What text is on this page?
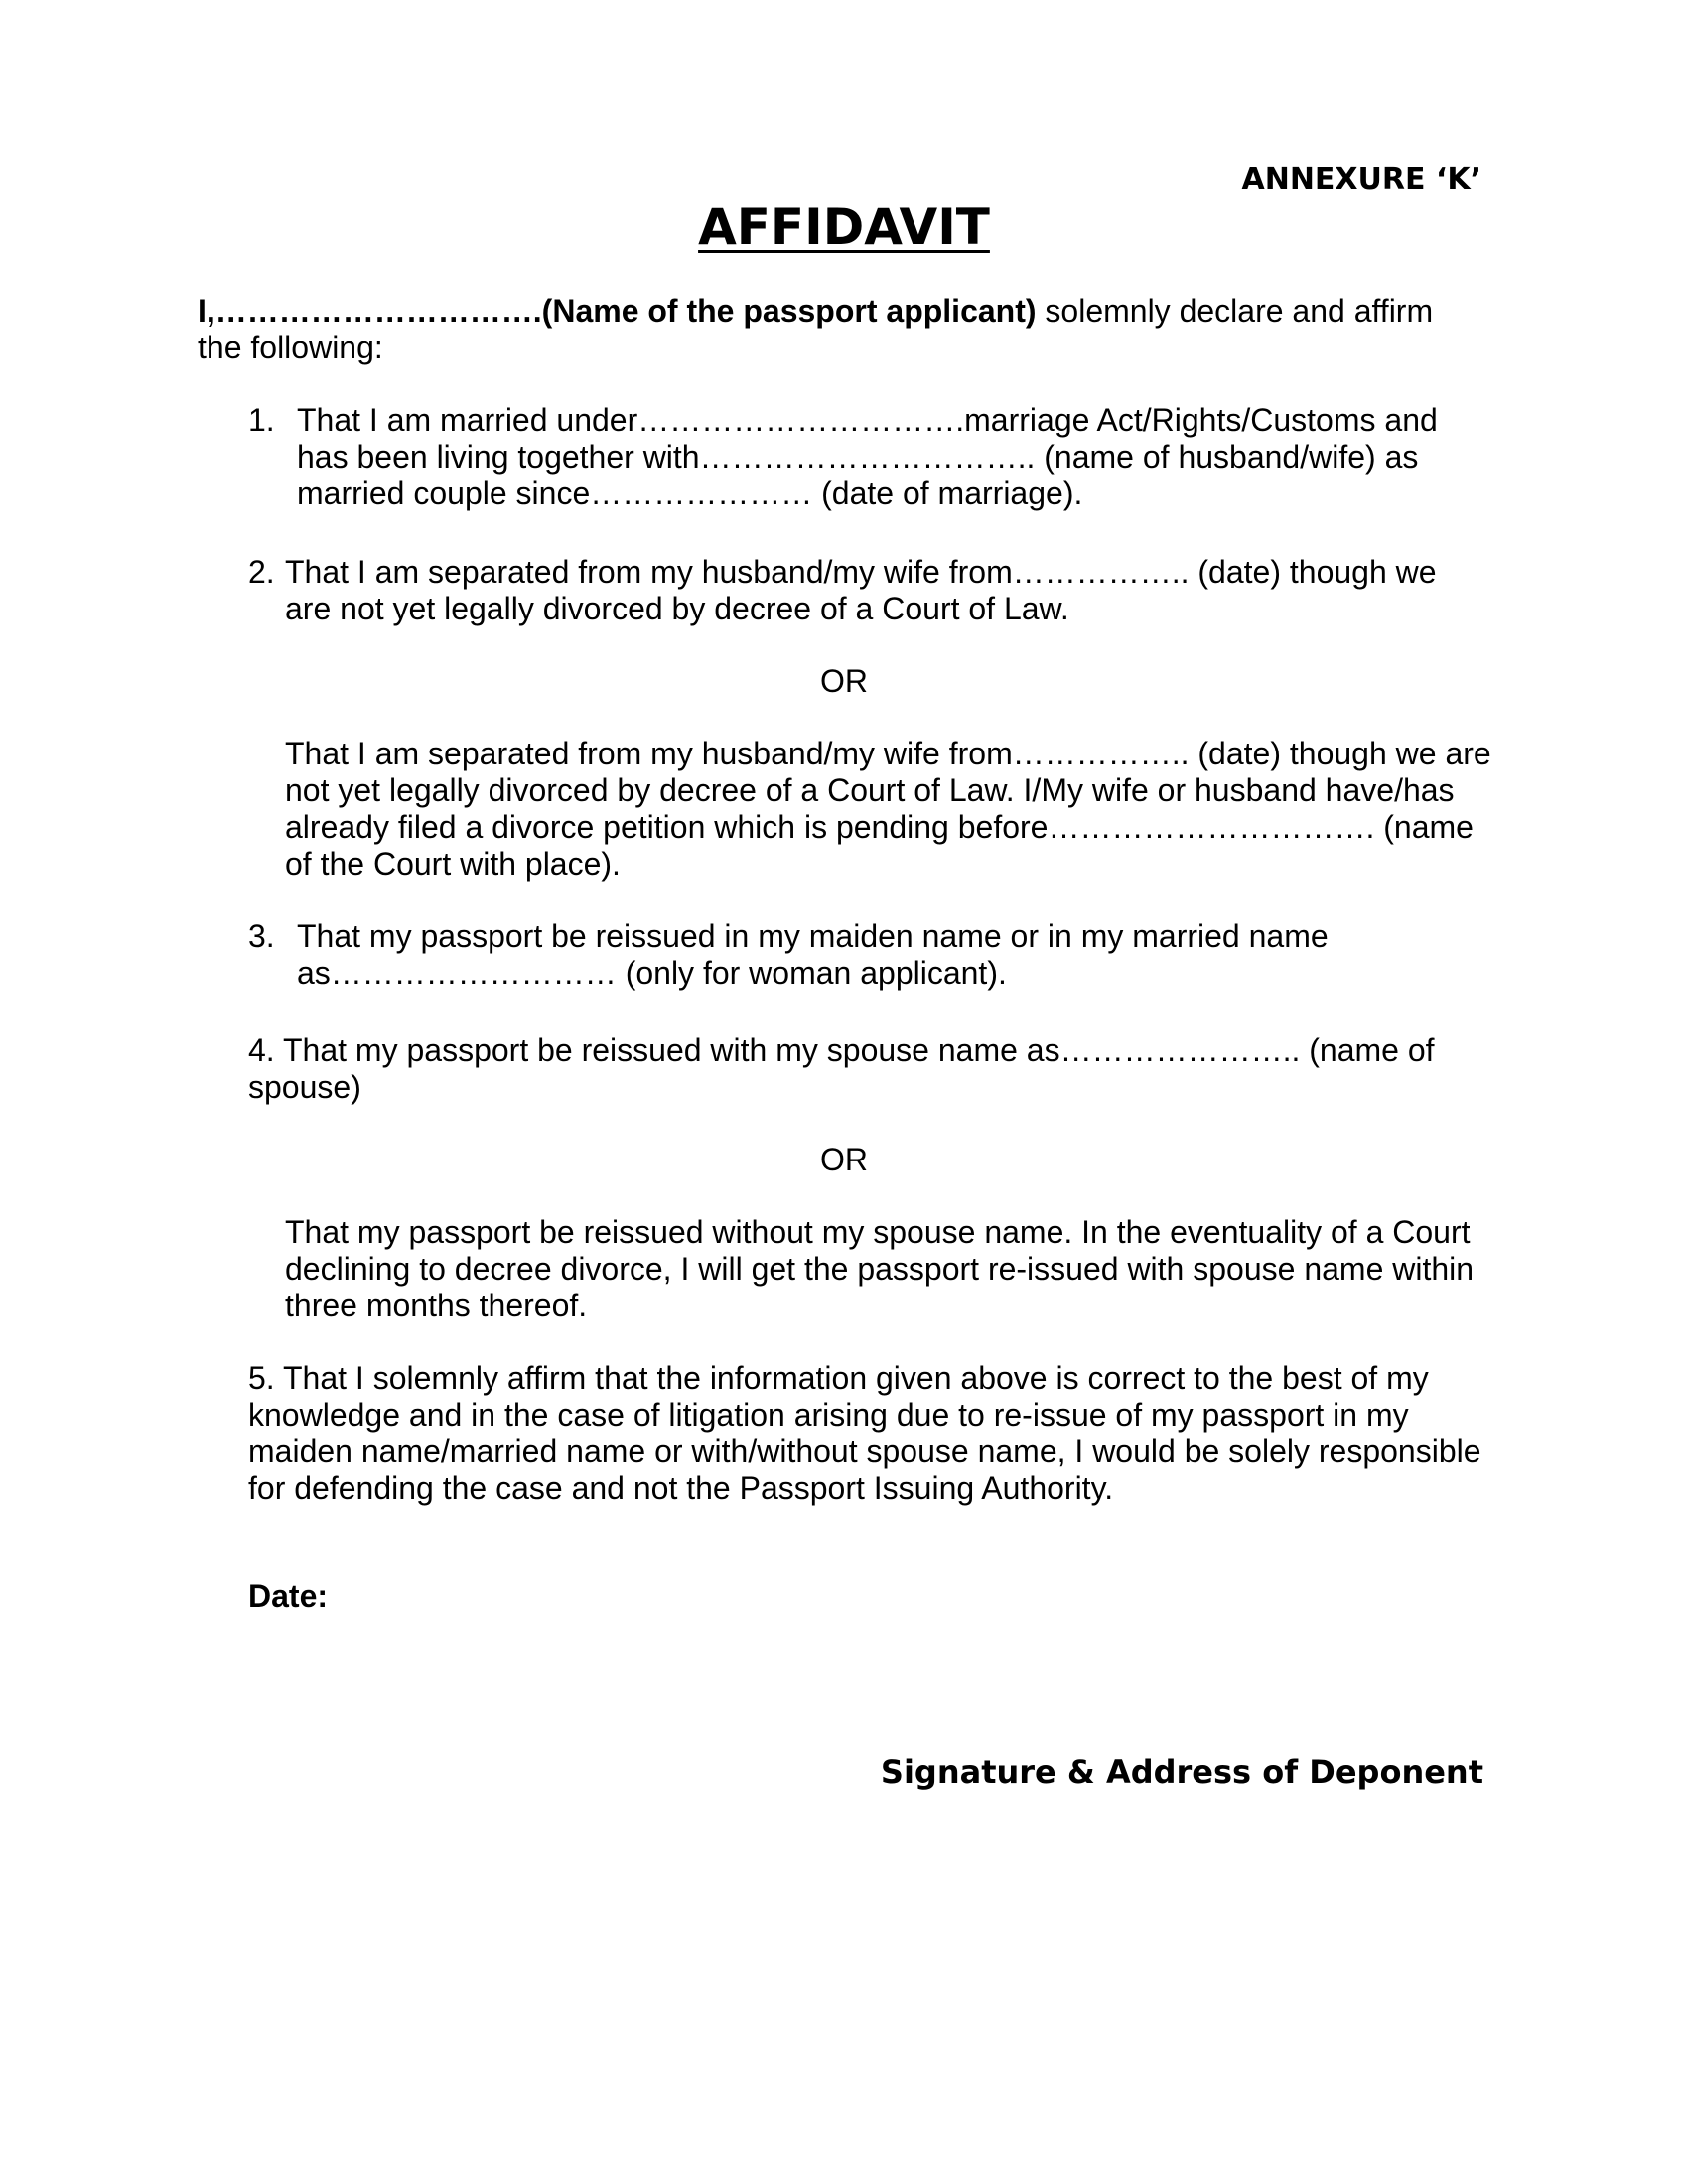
ANNEXURE ‘K’
AFFIDAVIT
I,………………………….(Name of the passport applicant) solemnly declare and affirm the following:
1. That I am married under………………………….marriage Act/Rights/Customs and has been living together with………………………….. (name of husband/wife) as married couple since………………… (date of marriage).
2. That I am separated from my husband/my wife from…………….. (date) though we are not yet legally divorced by decree of a Court of Law.
OR
That I am separated from my husband/my wife from…………….. (date) though we are not yet legally divorced by decree of a Court of Law. I/My wife or husband have/has already filed a divorce petition which is pending before…………………………. (name of the Court with place).
3. That my passport be reissued in my maiden name or in my married name as……………………… (only for woman applicant).
4. That my passport be reissued with my spouse name as………………….. (name of spouse)
OR
That my passport be reissued without my spouse name. In the eventuality of a Court declining to decree divorce, I will get the passport re-issued with spouse name within three months thereof.
5. That I solemnly affirm that the information given above is correct to the best of my knowledge and in the case of litigation arising due to re-issue of my passport in my maiden name/married name or with/without spouse name, I would be solely responsible for defending the case and not the Passport Issuing Authority.
Date:
Signature & Address of Deponent
